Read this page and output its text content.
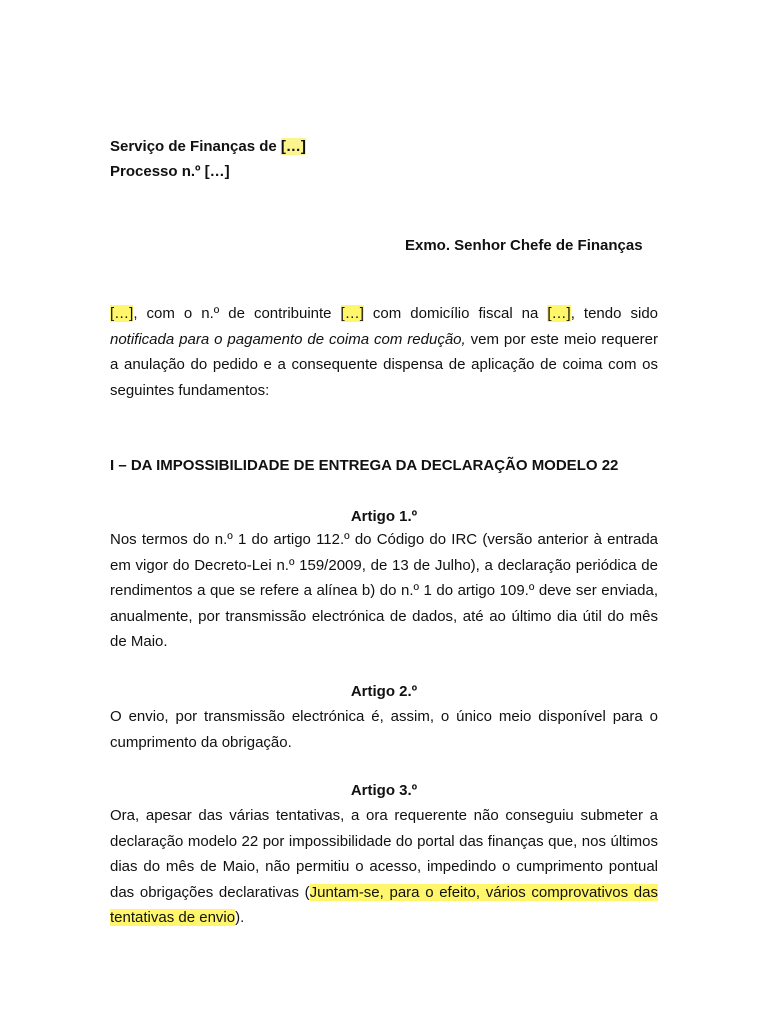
Serviço de Finanças de […]
Processo n.º […]
Exmo. Senhor Chefe de Finanças
[…], com o n.º de contribuinte […] com domicílio fiscal na […], tendo sido notificada para o pagamento de coima com redução, vem por este meio requerer a anulação do pedido e a consequente dispensa de aplicação de coima com os seguintes fundamentos:
I – DA IMPOSSIBILIDADE DE ENTREGA DA DECLARAÇÃO MODELO 22
Artigo 1.º
Nos termos do n.º 1 do artigo 112.º do Código do IRC (versão anterior à entrada em vigor do Decreto-Lei n.º 159/2009, de 13 de Julho), a declaração periódica de rendimentos a que se refere a alínea b) do n.º 1 do artigo 109.º deve ser enviada, anualmente, por transmissão electrónica de dados, até ao último dia útil do mês de Maio.
Artigo 2.º
O envio, por transmissão electrónica é, assim, o único meio disponível para o cumprimento da obrigação.
Artigo 3.º
Ora, apesar das várias tentativas, a ora requerente não conseguiu submeter a declaração modelo 22 por impossibilidade do portal das finanças que, nos últimos dias do mês de Maio, não permitiu o acesso, impedindo o cumprimento pontual das obrigações declarativas (Juntam-se, para o efeito, vários comprovativos das tentativas de envio).
